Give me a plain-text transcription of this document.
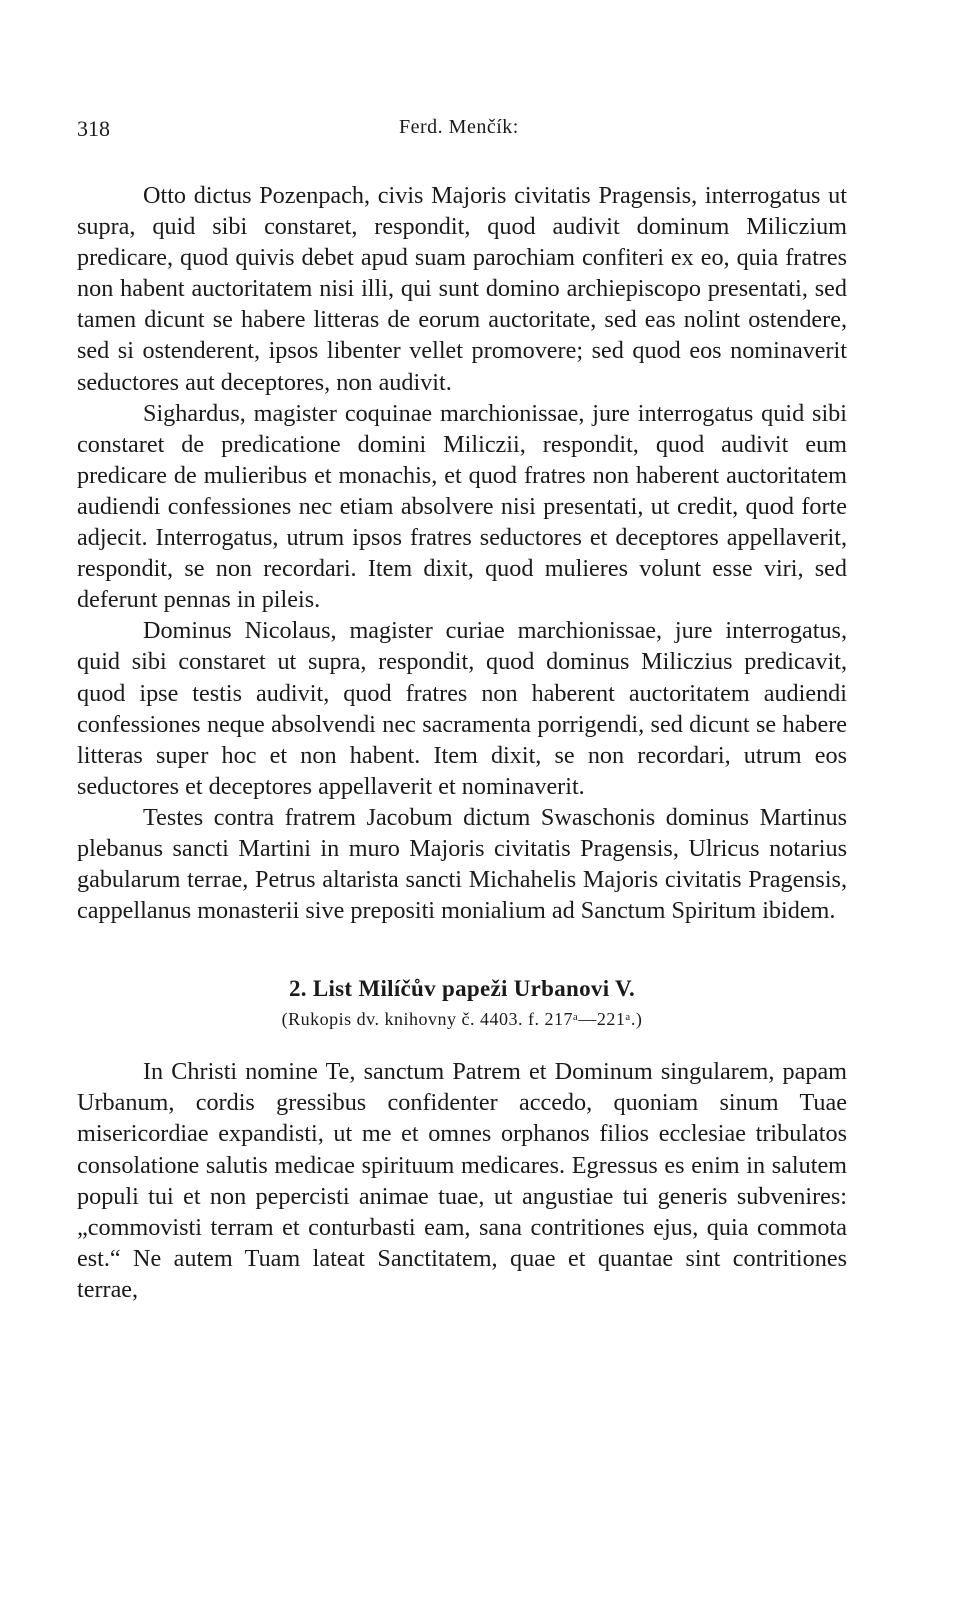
318	Ferd. Menčík:

Otto dictus Pozenpach, civis Majoris civitatis Pragensis, interrogatus ut supra, quid sibi constaret, respondit, quod audivit dominum Miliczium predicare, quod quivis debet apud suam parochiam confiteri ex eo, quia fratres non habent auctoritatem nisi illi, qui sunt domino archiepiscopo presentati, sed tamen dicunt se habere litteras de eorum auctoritate, sed eas nolint ostendere, sed si ostenderent, ipsos libenter vellet promovere; sed quod eos nominaverit seductores aut deceptores, non audivit.

Sighardus, magister coquinae marchionissae, jure interrogatus quid sibi constaret de predicatione domini Miliczii, respondit, quod audivit eum predicare de mulieribus et monachis, et quod fratres non haberent auctoritatem audiendi confessiones nec etiam absolvere nisi presentati, ut credit, quod forte adjecit. Interrogatus, utrum ipsos fratres seductores et deceptores appellaverit, respondit, se non recordari. Item dixit, quod mulieres volunt esse viri, sed deferunt pennas in pileis.

Dominus Nicolaus, magister curiae marchionissae, jure interrogatus, quid sibi constaret ut supra, respondit, quod dominus Miliczius predicavit, quod ipse testis audivit, quod fratres non haberent auctoritatem audiendi confessiones neque absolvendi nec sacramenta porrigendi, sed dicunt se habere litteras super hoc et non habent. Item dixit, se non recordari, utrum eos seductores et deceptores appellaverit et nominaverit.

Testes contra fratrem Jacobum dictum Swaschonis dominus Martinus plebanus sancti Martini in muro Majoris civitatis Pragensis, Ulricus notarius gabularum terrae, Petrus altarista sancti Michahelis Majoris civitatis Pragensis, cappellanus monasterii sive prepositi monialium ad Sanctum Spiritum ibidem.

2. List Milíčův papeži Urbanovi V.

(Rukopis dv. knihovny č. 4403. f. 217ᵃ—221ᵃ.)

In Christi nomine Te, sanctum Patrem et Dominum singularem, papam Urbanum, cordis gressibus confidenter accedo, quoniam sinum Tuae misericordiae expandisti, ut me et omnes orphanos filios ecclesiae tribulatos consolatione salutis medicae spirituum medicares. Egressus es enim in salutem populi tui et non pepercisti animae tuae, ut angustiae tui generis subvenires: „commovisti terram et conturbasti eam, sana contritiones ejus, quia commota est.“ Ne autem Tuam lateat Sanctitatem, quae et quantae sint contritiones terrae,
